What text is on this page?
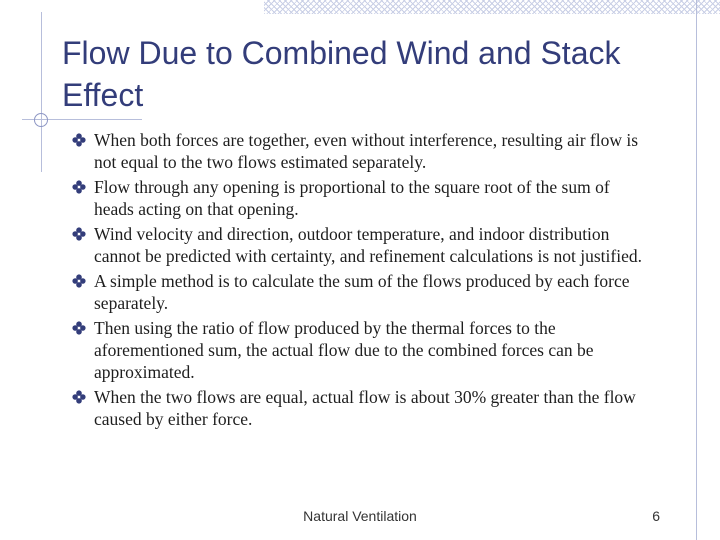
Flow Due to Combined Wind and Stack Effect
When both forces are together, even without interference, resulting air flow is not equal to the two flows estimated separately.
Flow through any opening is proportional to the square root of the sum of heads acting on that opening.
Wind velocity and direction, outdoor temperature, and indoor distribution cannot be predicted with certainty, and refinement calculations is not justified.
A simple method is to calculate the sum of the flows produced by each force separately.
Then using the ratio of flow produced by the thermal forces to the aforementioned sum, the actual flow due to the combined forces can be approximated.
When the two flows are equal, actual flow is about 30% greater than the flow caused by either force.
Natural Ventilation	6
